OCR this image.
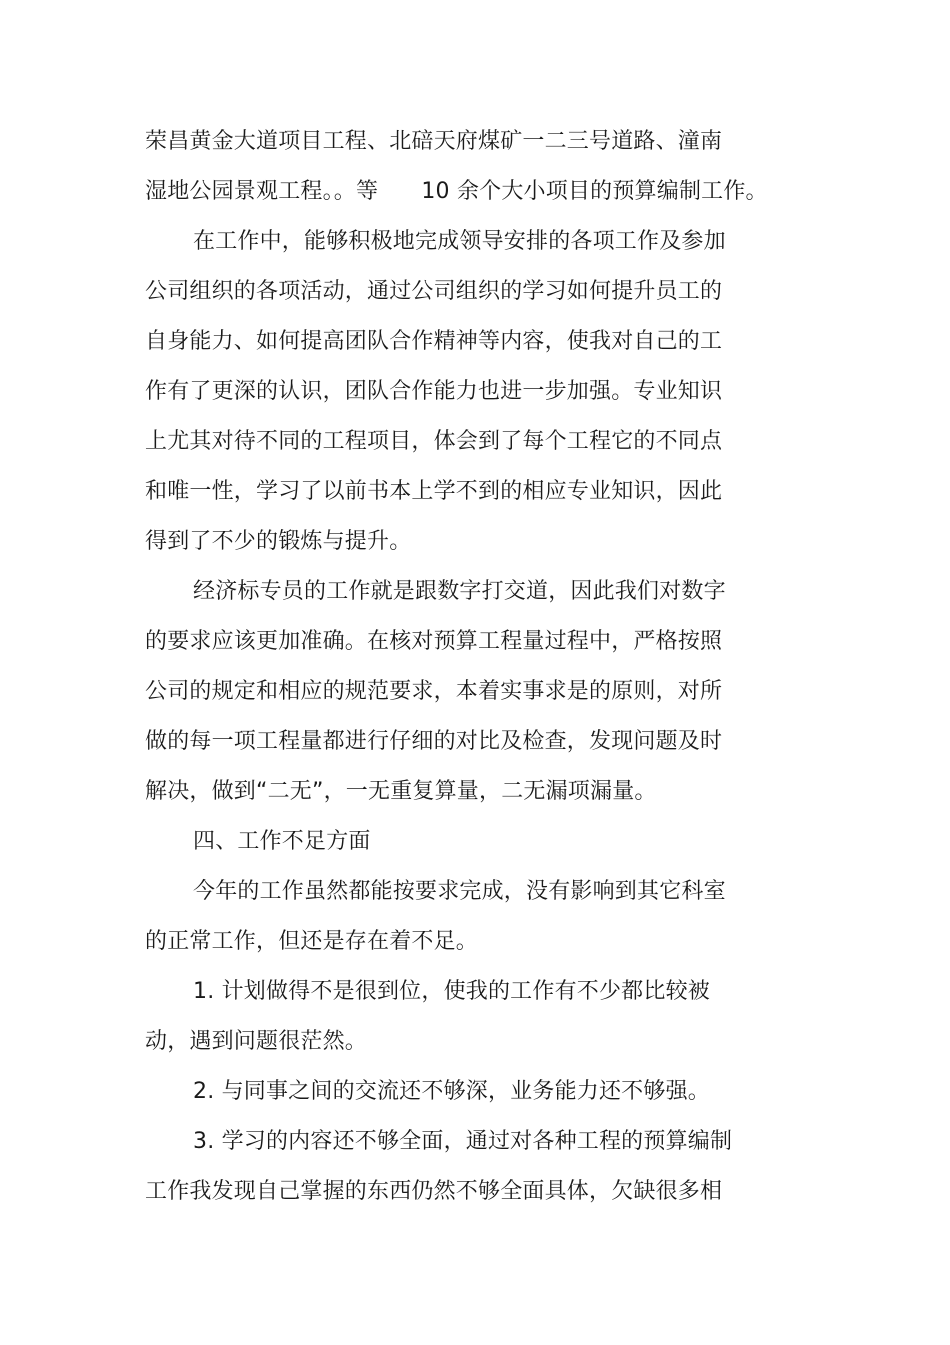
荣昌黄金大道项目工程、北碚天府煤矿一二三号道路、潼南
湿地公园景观工程。。等      10 余个大小项目的预算编制工作。
在工作中，能够积极地完成领导安排的各项工作及参加
公司组织的各项活动，通过公司组织的学习如何提升员工的
自身能力、如何提高团队合作精神等内容，使我对自己的工
作有了更深的认识，团队合作能力也进一步加强。专业知识
上尤其对待不同的工程项目，体会到了每个工程它的不同点
和唯一性，学习了以前书本上学不到的相应专业知识，因此
得到了不少的锻炼与提升。
经济标专员的工作就是跟数字打交道，因此我们对数字
的要求应该更加准确。在核对预算工程量过程中，严格按照
公司的规定和相应的规范要求，本着实事求是的原则，对所
做的每一项工程量都进行仔细的对比及检查，发现问题及时
解决，做到“二无”，一无重复算量，二无漏项漏量。
四、工作不足方面
今年的工作虽然都能按要求完成，没有影响到其它科室
的正常工作，但还是存在着不足。
1. 计划做得不是很到位，使我的工作有不少都比较被
动，遇到问题很茫然。
2. 与同事之间的交流还不够深，业务能力还不够强。
3. 学习的内容还不够全面，通过对各种工程的预算编制
工作我发现自己掌握的东西仍然不够全面具体，欠缺很多相
